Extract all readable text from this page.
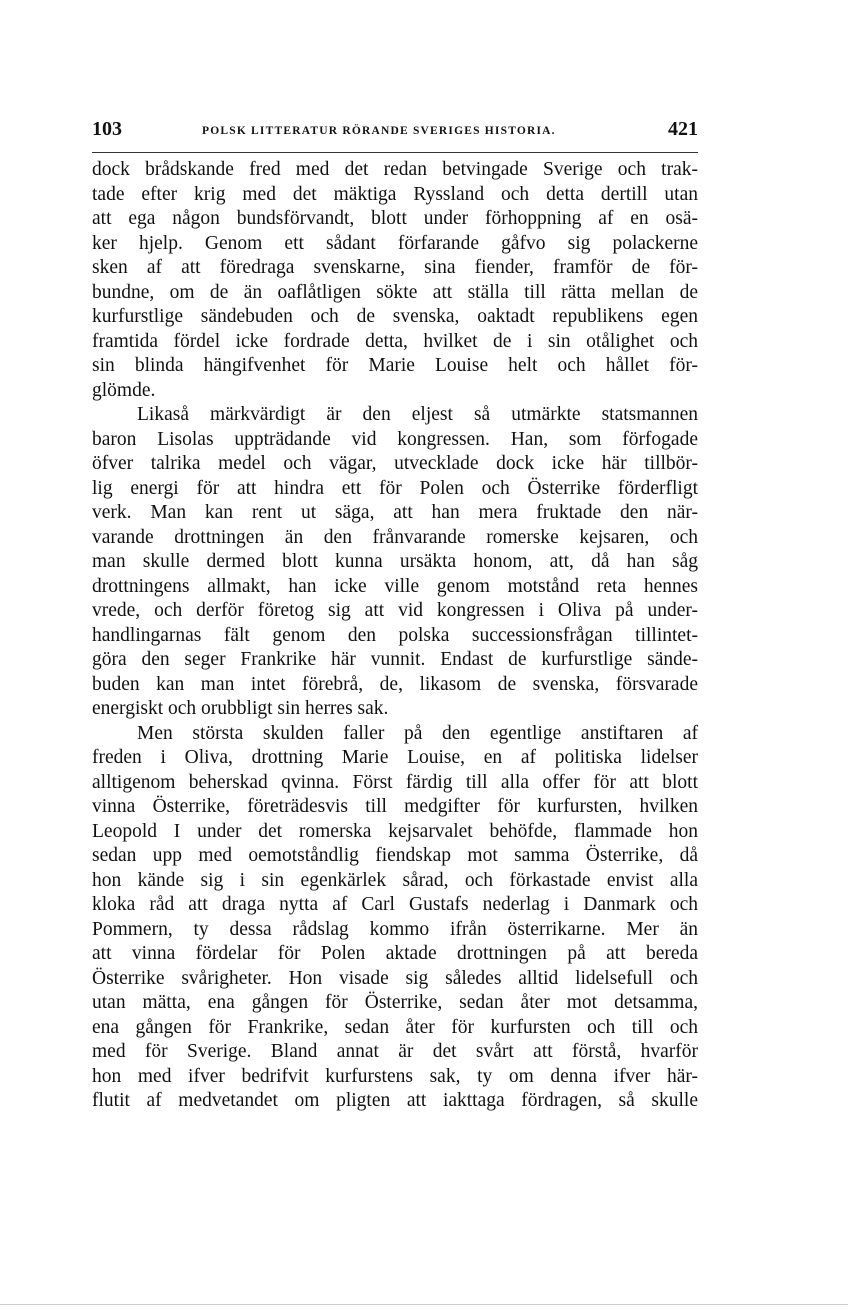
103	POLSK LITTERATUR RÖRANDE SVERIGES HISTORIA.	421
dock brådskande fred med det redan betvingade Sverige och trak-
tade efter krig med det mäktiga Ryssland och detta dertill utan
att ega någon bundsförvandt, blott under förhoppning af en osä-
ker hjelp. Genom ett sådant förfarande gåfvo sig polackerne
sken af att föredraga svenskarne, sina fiender, framför de för-
bundne, om de än oaflåtligen sökte att ställa till rätta mellan de
kurfurstlige sändebuden och de svenska, oaktadt republikens egen
framtida fördel icke fordrade detta, hvilket de i sin otålighet och
sin blinda hängifvenhet för Marie Louise helt och hållet för-
glömde.
Likaså märkvärdigt är den eljest så utmärkte statsmannen
baron Lisolas uppträdande vid kongressen. Han, som förfogade
öfver talrika medel och vägar, utvecklade dock icke här tillbör-
lig energi för att hindra ett för Polen och Österrike förderfligt
verk. Man kan rent ut säga, att han mera fruktade den när-
varande drottningen än den frånvarande romerske kejsaren, och
man skulle dermed blott kunna ursäkta honom, att, då han såg
drottningens allmakt, han icke ville genom motstånd reta hennes
vrede, och derför företog sig att vid kongressen i Oliva på under-
handlingarnas fält genom den polska successionsfrågan tillintet-
göra den seger Frankrike här vunnit. Endast de kurfurstlige sände-
buden kan man intet förebrå, de, likasom de svenska, försvarade
energiskt och orubbligt sin herres sak.
Men största skulden faller på den egentlige anstiftaren af
freden i Oliva, drottning Marie Louise, en af politiska lidelser
alltigenom beherskad qvinna. Först färdig till alla offer för att blott
vinna Österrike, företrädesvis till medgifter för kurfursten, hvilken
Leopold I under det romerska kejsarvalet behöfde, flammade hon
sedan upp med oemotståndlig fiendskap mot samma Österrike, då
hon kände sig i sin egenkärlek sårad, och förkastade envist alla
kloka råd att draga nytta af Carl Gustafs nederlag i Danmark och
Pommern, ty dessa rådslag kommo ifrån österrikarne. Mer än
att vinna fördelar för Polen aktade drottningen på att bereda
Österrike svårigheter. Hon visade sig således alltid lidelsefull och
utan mätta, ena gången för Österrike, sedan åter mot detsamma,
ena gången för Frankrike, sedan åter för kurfursten och till och
med för Sverige. Bland annat är det svårt att förstå, hvarför
hon med ifver bedrifvit kurfurstens sak, ty om denna ifver här-
flutit af medvetandet om pligten att iakttaga fördragen, så skulle
